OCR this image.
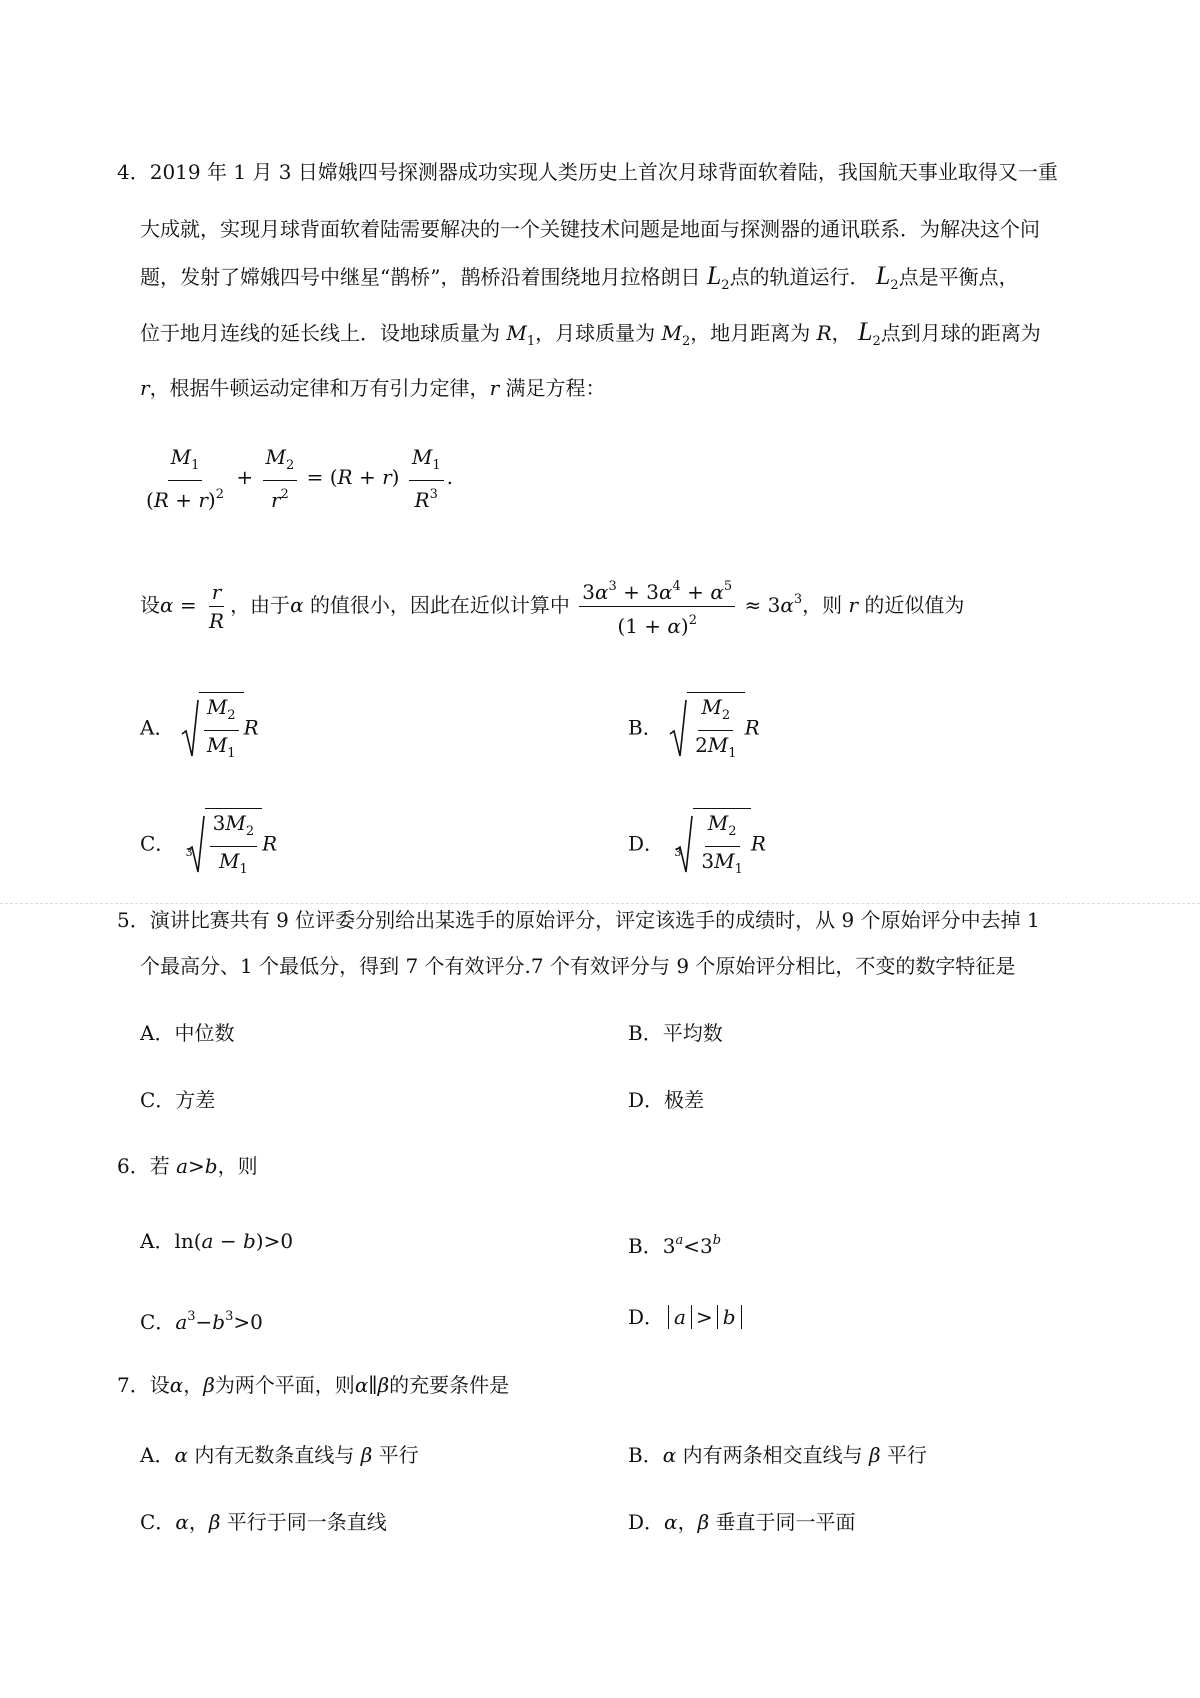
4．2019 年 1 月 3 日嫦娥四号探测器成功实现人类历史上首次月球背面软着陆，我国航天事业取得又一重
大成就，实现月球背面软着陆需要解决的一个关键技术问题是地面与探测器的通讯联系．为解决这个问
题，发射了嫦娥四号中继星“鹊桥”，鹊桥沿着围绕地月拉格朗日 $L_2$点的轨道运行． $L_2$点是平衡点，
位于地月连线的延长线上．设地球质量为 $M_1$，月球质量为 $M_2$，地月距离为 R， $L_2$点到月球的距离为
r，根据牛顿运动定律和万有引力定律，r 满足方程：
$\frac{M_1}{(R + r)^2} + \frac{M_2}{r^2} = (R + r) \frac{M_1}{R^3}$ .
设$\alpha = \frac{r}{R}$ ，由于α 的值很小，因此在近似计算中 $\frac{3\alpha^3 + 3\alpha^4 + \alpha^5}{(1 + \alpha)^2} \approx 3\alpha^3$，则 r 的近似值为
A． $\frac{M_2}{M_1}$ R	B． $\frac{M_2}{2M_1}$ R
C． $3 \frac{3M_2}{M_1}$ R	D． $3 \frac{M_2}{3M_1}$ R
5．演讲比赛共有 9 位评委分别给出某选手的原始评分，评定该选手的成绩时，从 9 个原始评分中去掉 1
个最高分、1 个最低分，得到 7 个有效评分.7 个有效评分与 9 个原始评分相比，不变的数字特征是
A．中位数	B．平均数
C．方差	D．极差
6．若 a>b，则
A．ln(a − b)>0	B．$3^a<3^b$
C．$a^3-b^3>0$	D． a > b
7．设α，β为两个平面，则α∥β的充要条件是
A．α 内有无数条直线与 β 平行	B．α 内有两条相交直线与 β 平行
C．α，β 平行于同一条直线	D．α，β 垂直于同一平面
